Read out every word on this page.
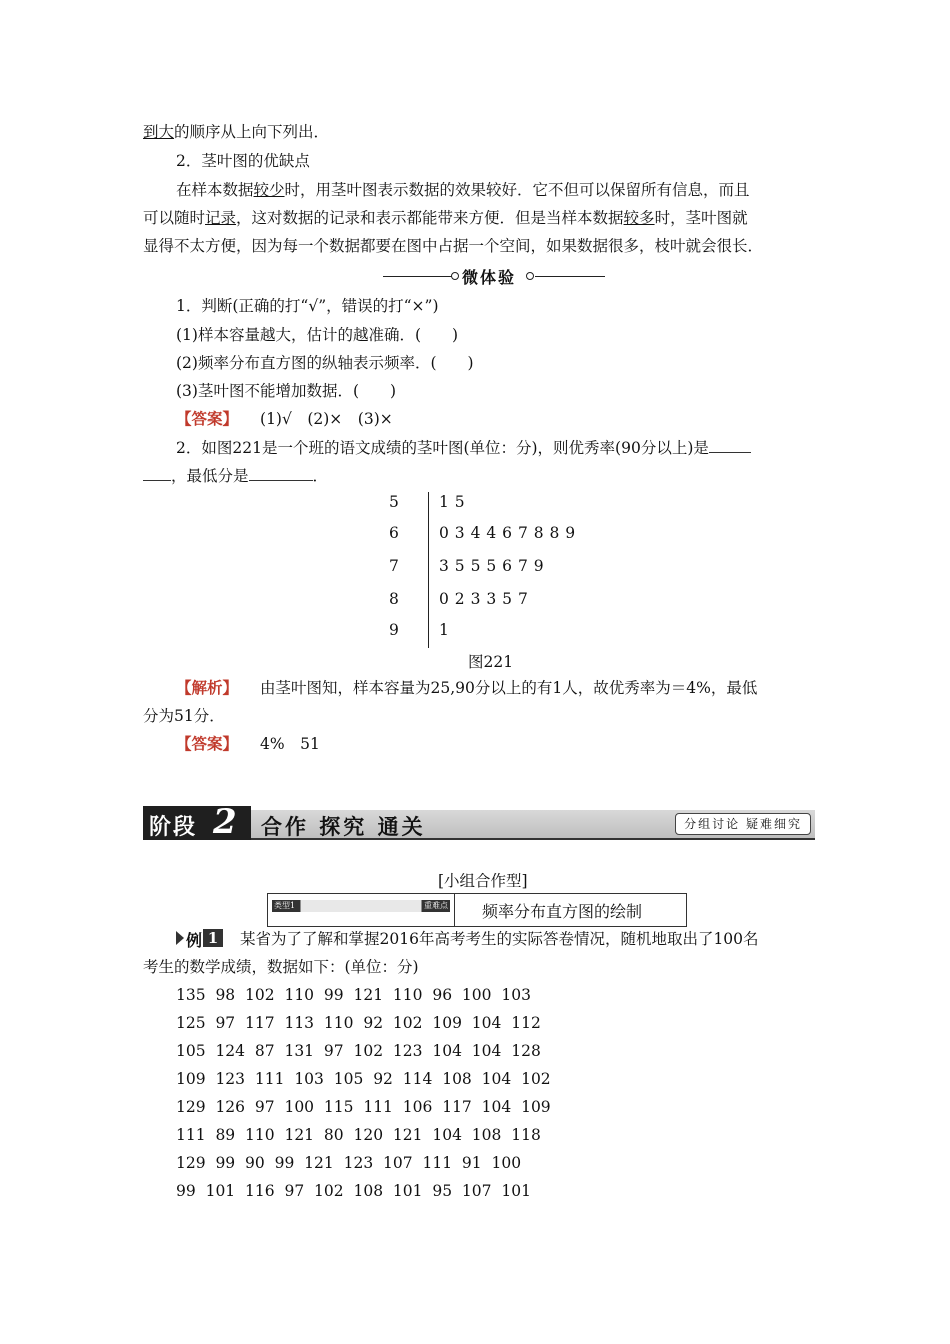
到大的顺序从上向下列出．
2．茎叶图的优缺点
在样本数据较少时，用茎叶图表示数据的效果较好．它不但可以保留所有信息，而且
可以随时记录，这对数据的记录和表示都能带来方便．但是当样本数据较多时，茎叶图就
显得不太方便，因为每一个数据都要在图中占据一个空间，如果数据很多，枝叶就会很长．
微体验
1．判断(正确的打“√”，错误的打“×”)
(1)样本容量越大，估计的越准确．(　　)
(2)频率分布直方图的纵轴表示频率．(　　)
(3)茎叶图不能增加数据．(　　)
【答案】 (1)√　(2)×　(3)×
2．如图221是一个班的语文成绩的茎叶图(单位：分)，则优秀率(90分以上)是
，最低分是	．
5	1 5
6	0 3 4 4 6 7 8 8 9
7	3 5 5 5 6 7 9
8	0 2 3 3 5 7
9	1
图221
【解析】 由茎叶图知，样本容量为25,90分以上的有1人，故优秀率为＝4%，最低
分为51分．
【答案】 4%　51
阶段 2 合作 探究 通关	分组讨论 疑难细究
[小组合作型]
类型1	重难点 频率分布直方图的绘制
例 1	某省为了了解和掌握2016年高考考生的实际答卷情况，随机地取出了100名
考生的数学成绩，数据如下：(单位：分)
135  98  102  110  99  121  110  96  100  103
125  97  117  113  110  92  102  109  104  112
105  124  87  131  97  102  123  104  104  128
109  123  111  103  105  92  114  108  104  102
129  126  97  100  115  111  106  117  104  109
111  89  110  121  80  120  121  104  108  118
129  99  90  99  121  123  107  111  91  100
99  101  116  97  102  108  101  95  107  101
